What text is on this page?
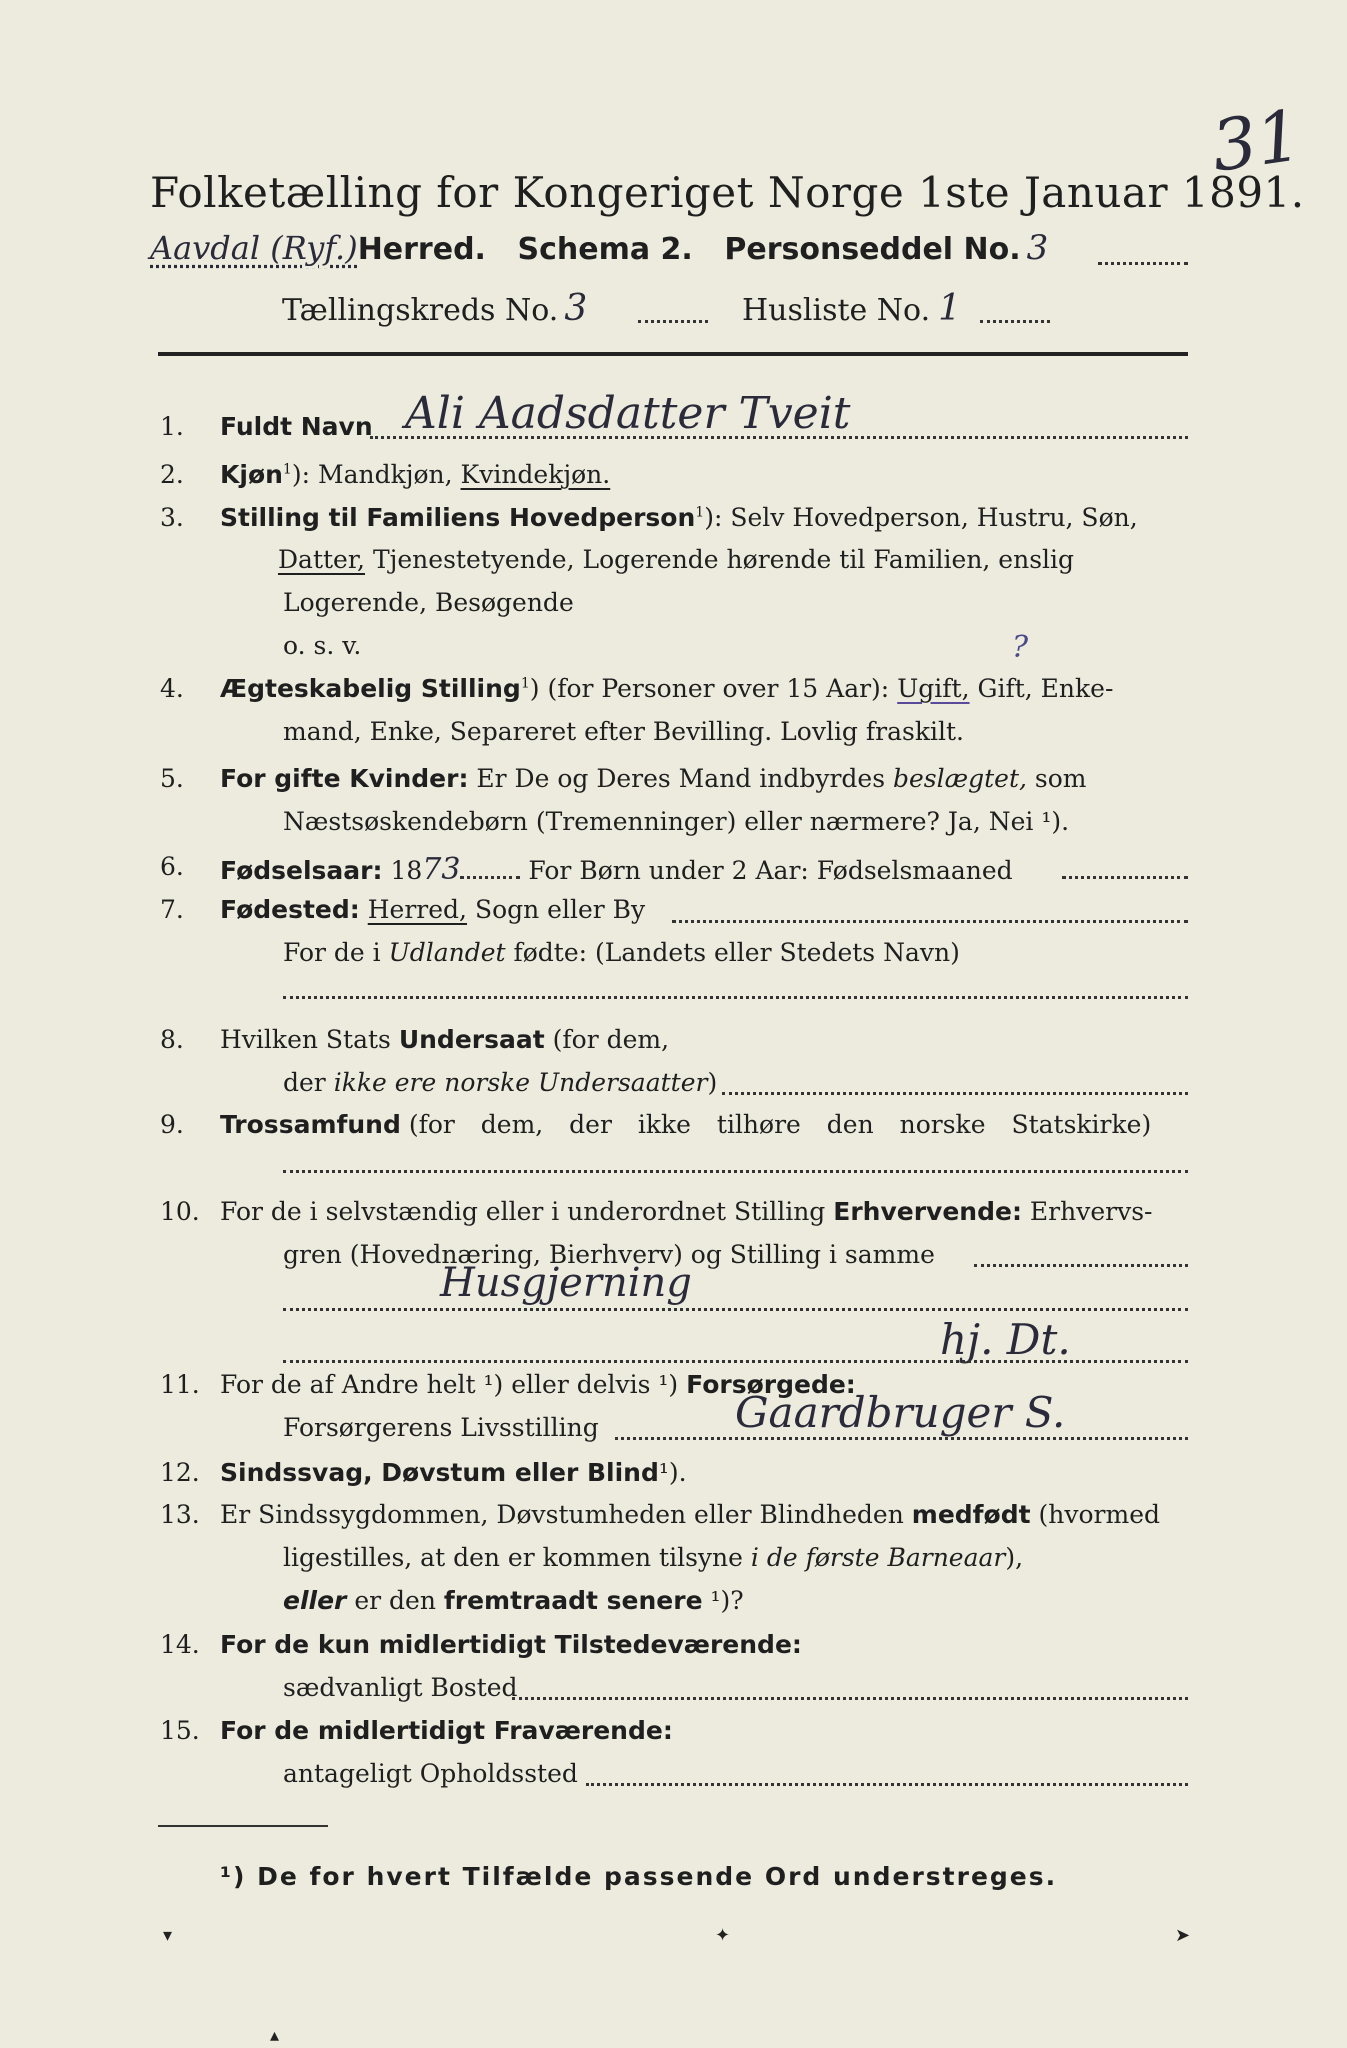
31
Folketælling for Kongeriget Norge 1ste Januar 1891.
Aavdal (Ryf.)Herred. Schema 2. Personseddel No. 3
Tællingskreds No. 3	Husliste No. 1
1.	Fuldt Navn Ali Aadsdatter Tveit
2.	Kjøn$^1$): Mandkjøn, Kvindekjøn.
3.	Stilling til Familiens Hovedperson$^1$): Selv Hovedperson, Hustru, Søn,
Datter, Tjenestetyende, Logerende hørende til Familien, enslig
Logerende, Besøgende
o. s. v.	?
4.	Ægteskabelig Stilling$^1$) (for Personer over 15 Aar): Ugift, Gift, Enke-
mand, Enke, Separeret efter Bevilling. Lovlig fraskilt.
5.	For gifte Kvinder: Er De og Deres Mand indbyrdes beslægtet, som
Næstsøskendebørn (Tremenninger) eller nærmere? Ja, Nei ¹).
6.	Fødselsaar: 1873	For Børn under 2 Aar: Fødselsmaaned
7.	Fødested: Herred, Sogn eller By
For de i Udlandet fødte: (Landets eller Stedets Navn)
8.	Hvilken Stats Undersaat (for dem,
der ikke ere norske Undersaatter)
9.	Trossamfund (for dem, der ikke tilhøre den norske Statskirke)
10. For de i selvstændig eller i underordnet Stilling Erhvervende: Erhvervs-
gren (Hovednæring, Bierhverv) og Stilling i samme
Husgjerning
hj. Dt.
11. For de af Andre helt ¹) eller delvis ¹) Forsørgede:
Forsørgerens Livsstilling	Gaardbruger S.
12. Sindssvag, Døvstum eller Blind¹).
13. Er Sindssygdommen, Døvstumheden eller Blindheden medfødt (hvormed
ligestilles, at den er kommen tilsyne i de første Barneaar),
eller er den fremtraadt senere ¹)?
14. For de kun midlertidigt Tilstedeværende:
sædvanligt Bosted
15. For de midlertidigt Fraværende:
antageligt Opholdssted
¹) De for hvert Tilfælde passende Ord understreges.
▾	✦	➤
▴
